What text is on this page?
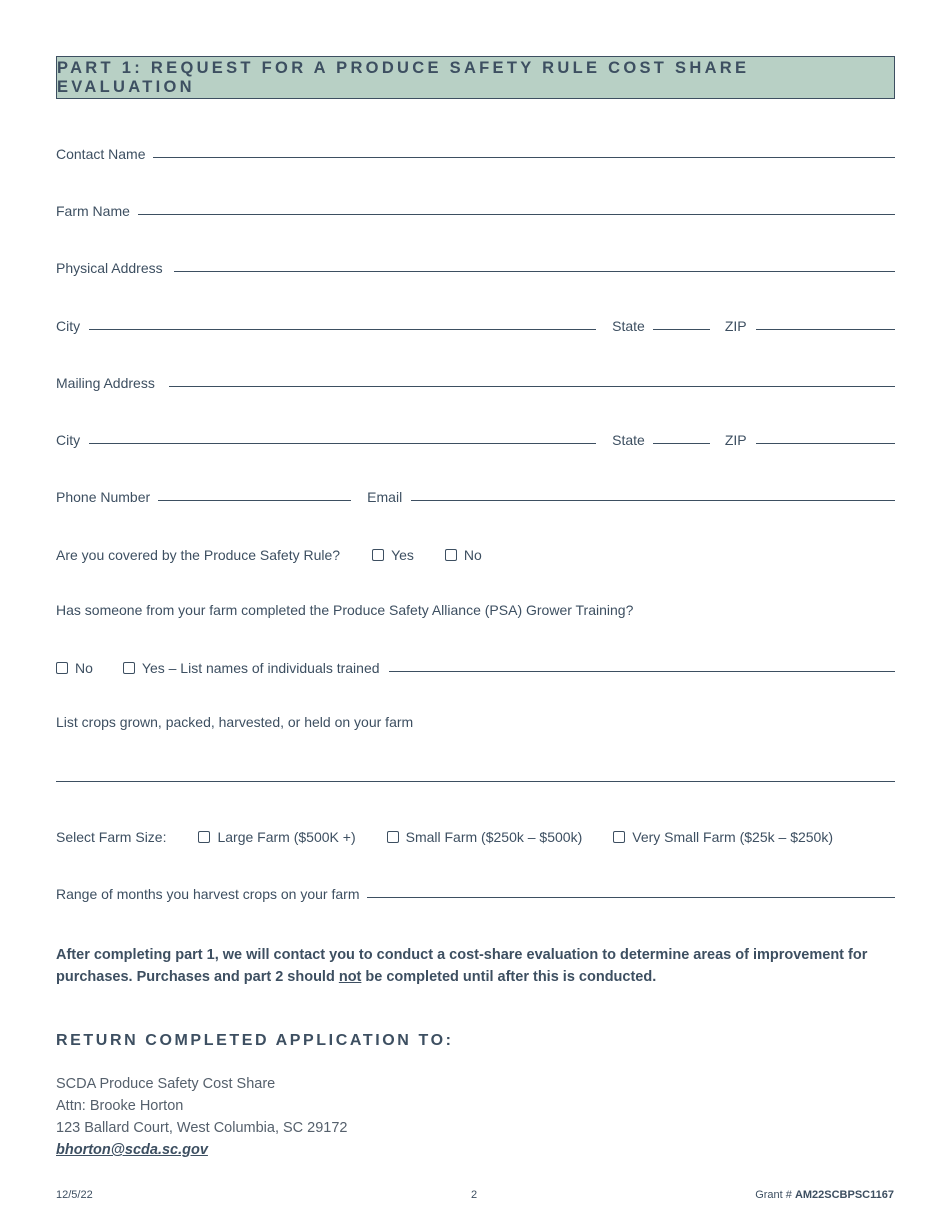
PART 1: REQUEST FOR A PRODUCE SAFETY RULE COST SHARE EVALUATION
Contact Name
Farm Name
Physical Address
City	State	ZIP
Mailing Address
City	State	ZIP
Phone Number	Email
Are you covered by the Produce Safety Rule?	Yes	No
Has someone from your farm completed the Produce Safety Alliance (PSA) Grower Training?
No	Yes – List names of individuals trained
List crops grown, packed, harvested, or held on your farm
Select Farm Size:	Large Farm ($500K +)	Small Farm ($250k – $500k)	Very Small Farm ($25k – $250k)
Range of months you harvest crops on your farm
After completing part 1, we will contact you to conduct a cost-share evaluation to determine areas of improvement for purchases. Purchases and part 2 should not be completed until after this is conducted.
RETURN COMPLETED APPLICATION TO:
SCDA Produce Safety Cost Share
Attn: Brooke Horton
123 Ballard Court, West Columbia, SC 29172
bhorton@scda.sc.gov
12/5/22	2	Grant # AM22SCBPSC1167
